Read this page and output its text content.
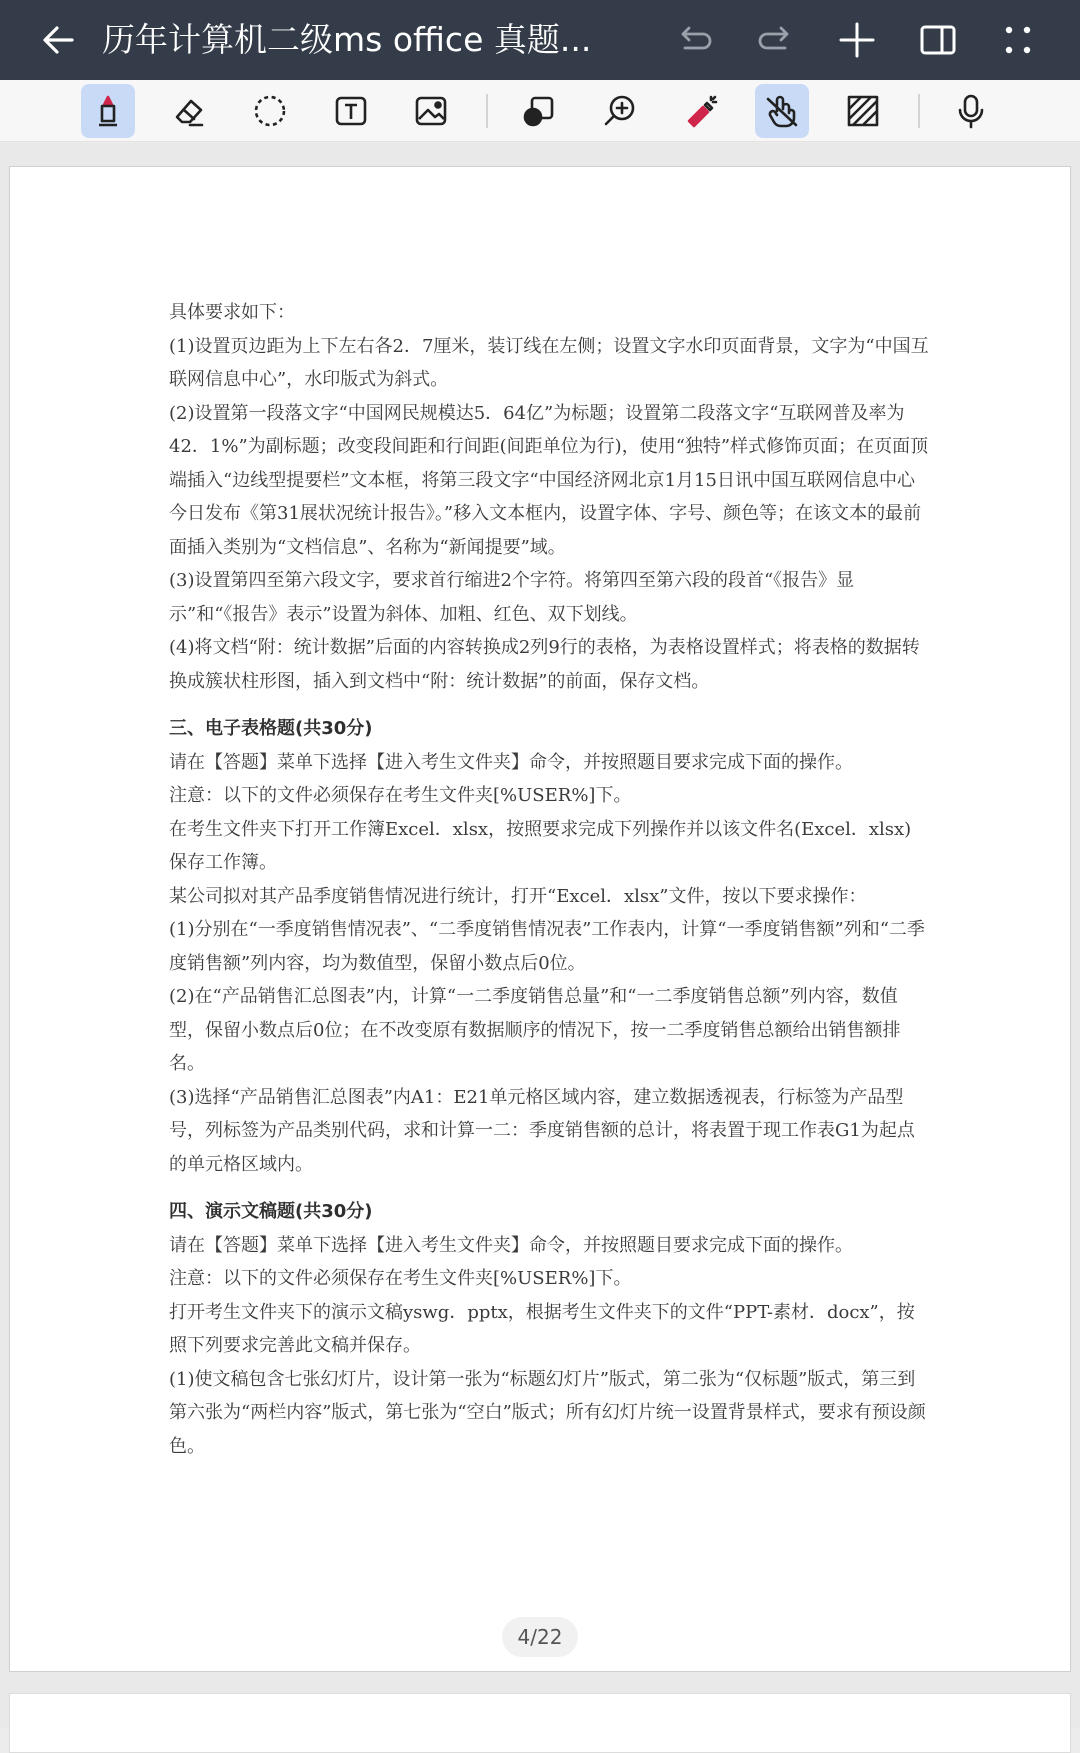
历年计算机二级ms office 真题...

具体要求如下：

(1)设置页边距为上下左右各2．7厘米，装订线在左侧；设置文字水印页面背景，文字为“中国互联网信息中心”，水印版式为斜式。

(2)设置第一段落文字“中国网民规模达5．64亿”为标题；设置第二段落文字“互联网普及率为42．1%”为副标题；改变段间距和行间距(间距单位为行)，使用“独特”样式修饰页面；在页面顶端插入“边线型提要栏”文本框，将第三段文字“中国经济网北京1月15日讯中国互联网信息中心今日发布《第31展状况统计报告》。”移入文本框内，设置字体、字号、颜色等；在该文本的最前面插入类别为“文档信息”、名称为“新闻提要”域。

(3)设置第四至第六段文字，要求首行缩进2个字符。将第四至第六段的段首“《报告》显示”和“《报告》表示”设置为斜体、加粗、红色、双下划线。

(4)将文档“附：统计数据”后面的内容转换成2列9行的表格，为表格设置样式；将表格的数据转换成簇状柱形图，插入到文档中“附：统计数据”的前面，保存文档。

三、电子表格题(共30分)

请在【答题】菜单下选择【进入考生文件夹】命令，并按照题目要求完成下面的操作。

注意：以下的文件必须保存在考生文件夹[%USER%]下。

在考生文件夹下打开工作簿Excel．xlsx，按照要求完成下列操作并以该文件名(Excel．xlsx)保存工作簿。

某公司拟对其产品季度销售情况进行统计，打开“Excel．xlsx”文件，按以下要求操作：

(1)分别在“一季度销售情况表”、“二季度销售情况表”工作表内，计算“一季度销售额”列和“二季度销售额”列内容，均为数值型，保留小数点后0位。

(2)在“产品销售汇总图表”内，计算“一二季度销售总量”和“一二季度销售总额”列内容，数值型，保留小数点后0位；在不改变原有数据顺序的情况下，按一二季度销售总额给出销售额排名。

(3)选择“产品销售汇总图表”内A1：E21单元格区域内容，建立数据透视表，行标签为产品型号，列标签为产品类别代码，求和计算一二：季度销售额的总计，将表置于现工作表G1为起点的单元格区域内。

四、演示文稿题(共30分)

请在【答题】菜单下选择【进入考生文件夹】命令，并按照题目要求完成下面的操作。

注意：以下的文件必须保存在考生文件夹[%USER%]下。

打开考生文件夹下的演示文稿yswg．pptx，根据考生文件夹下的文件“PPT-素材．docx”，按照下列要求完善此文稿并保存。

(1)使文稿包含七张幻灯片，设计第一张为“标题幻灯片”版式，第二张为“仅标题”版式，第三到第六张为“两栏内容”版式，第七张为“空白”版式；所有幻灯片统一设置背景样式，要求有预设颜色。

4/22
